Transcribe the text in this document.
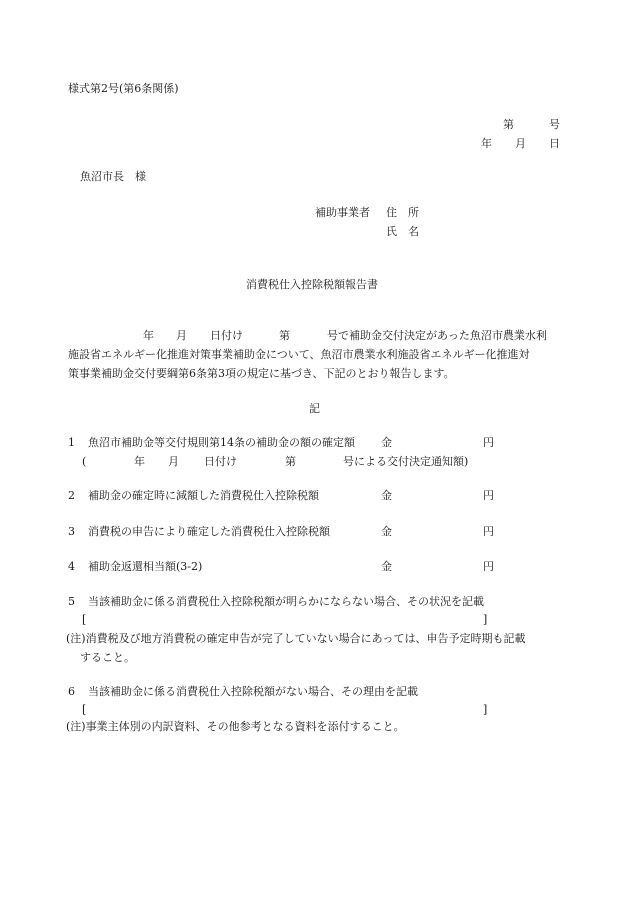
様式第2号(第6条関係)
第	号
年 月 日
魚沼市長　様
補助事業者 住　所
氏　名
消費税仕入控除税額報告書
年 月 日付け	第	号で補助金交付決定があった魚沼市農業水利
施設省エネルギー化推進対策事業補助金について、魚沼市農業水利施設省エネルギー化推進対
策事業補助金交付要綱第6条第3項の規定に基づき、下記のとおり報告します。
記
1 魚沼市補助金等交付規則第14条の補助金の額の確定額 金	円
(	年 月 日付け	第	号による交付決定通知額)
2 補助金の確定時に減額した消費税仕入控除税額	金	円
3 消費税の申告により確定した消費税仕入控除税額	金	円
4 補助金返還相当額(3-2)	金	円
5 当該補助金に係る消費税仕入控除税額が明らかにならない場合、その状況を記載
[	]
(注)消費税及び地方消費税の確定申告が完了していない場合にあっては、申告予定時期も記載
すること。
6 当該補助金に係る消費税仕入控除税額がない場合、その理由を記載
[	]
(注)事業主体別の内訳資料、その他参考となる資料を添付すること。
